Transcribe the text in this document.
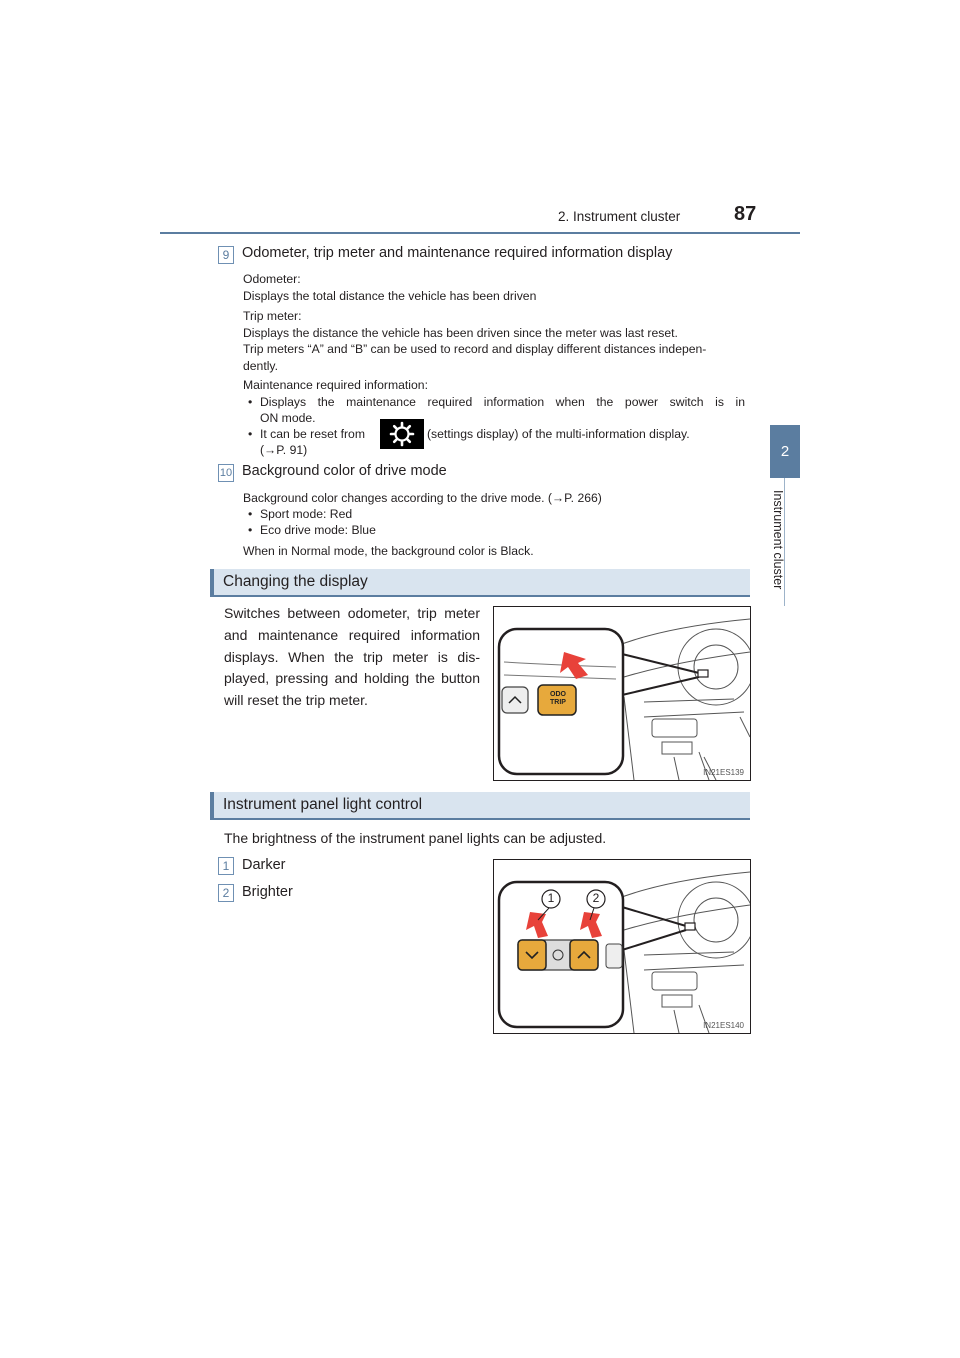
2. Instrument cluster	87
2
Instrument cluster
9 Odometer, trip meter and maintenance required information display
Odometer:
Displays the total distance the vehicle has been driven
Trip meter:
Displays the distance the vehicle has been driven since the meter was last reset.
Trip meters “A” and “B” can be used to record and display different distances indepen-
dently.
Maintenance required information:
• Displays the maintenance required information when the power switch is in
ON mode.
• It can be reset from	(settings display) of the multi-information display.
(→P. 91)
10 Background color of drive mode
Background color changes according to the drive mode. (→P. 266)
• Sport mode: Red
• Eco drive mode: Blue
When in Normal mode, the background color is Black.
Changing the display
Switches between odometer, trip meter
and maintenance required information
displays. When the trip meter is dis-
played, pressing and holding the button
will reset the trip meter.	ODO
TRIP
IN21ES139
Instrument panel light control
The brightness of the instrument panel lights can be adjusted.
1 Darker
2 Brighter	1	2
IN21ES140
